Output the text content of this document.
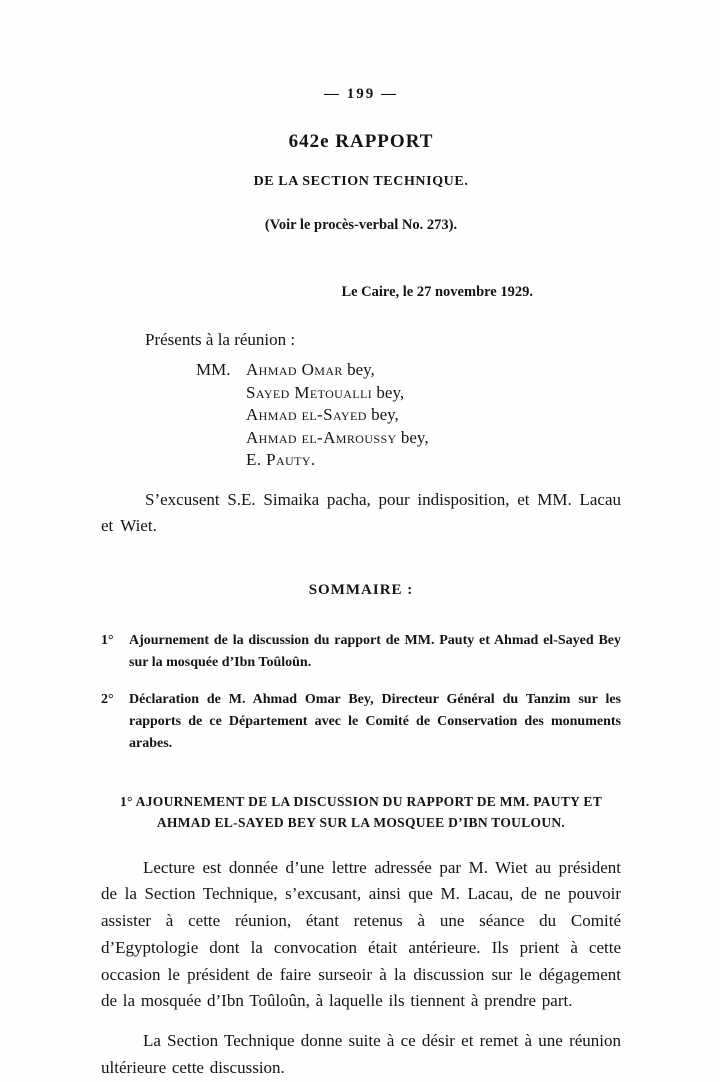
— 199 —
642e RAPPORT
DE LA SECTION TECHNIQUE.
(Voir le procès-verbal No. 273).
Le Caire, le 27 novembre 1929.
Présents à la réunion :
MM. Ahmad Omar bey,
Sayed Metoualli bey,
Ahmad el-Sayed bey,
Ahmad el-Amroussy bey,
E. Pauty .
S’excusent S.E. Simaika pacha, pour indisposition, et MM. Lacau et Wiet.
SOMMAIRE :
1°	Ajournement de la discussion du rapport de MM. Pauty et Ahmad el-Sayed Bey sur la mosquée d’Ibn Toûloûn.
2°	Déclaration de M. Ahmad Omar Bey, Directeur Général du Tanzim sur les rapports de ce Département avec le Comité de Conservation des monuments arabes.
1° AJOURNEMENT DE LA DISCUSSION DU RAPPORT DE MM. PAUTY ET AHMAD EL-SAYED BEY SUR LA MOSQUEE D’IBN TOULOUN.
Lecture est donnée d’une lettre adressée par M. Wiet au président de la Section Technique, s’excusant, ainsi que M. Lacau, de ne pouvoir assister à cette réunion, étant retenus à une séance du Comité d’Egyptologie dont la convocation était antérieure. Ils prient à cette occasion le président de faire surseoir à la discussion sur le dégagement de la mosquée d’Ibn Toûloûn, à laquelle ils tiennent à prendre part.
La Section Technique donne suite à ce désir et remet à une réunion ultérieure cette discussion.
